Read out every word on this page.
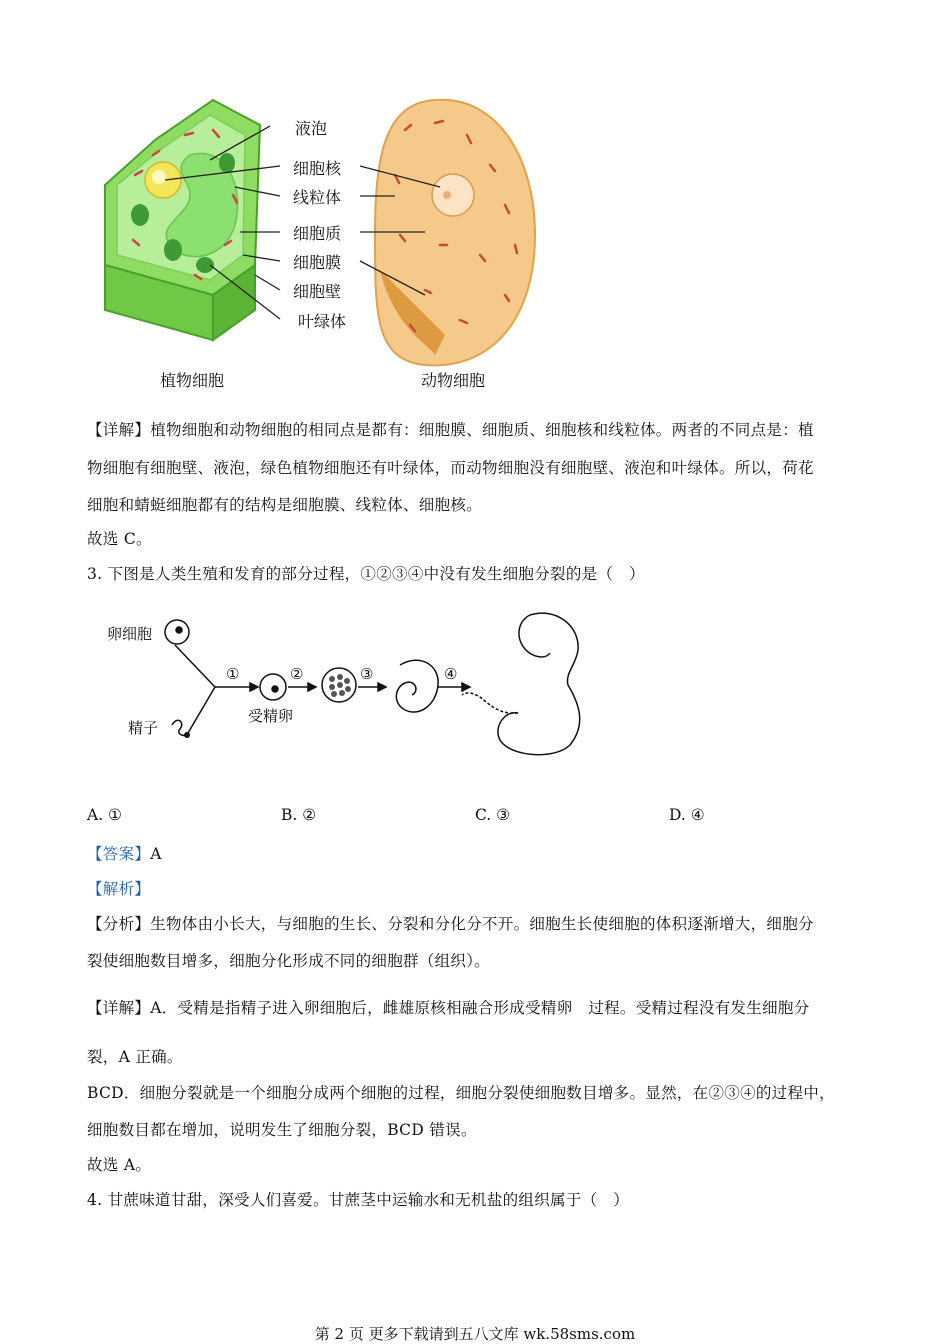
液泡
细胞核
线粒体
细胞质
细胞膜
细胞壁
叶绿体
植物细胞	动物细胞
【详解】植物细胞和动物细胞的相同点是都有：细胞膜、细胞质、细胞核和线粒体。两者的不同点是：植
物细胞有细胞壁、液泡，绿色植物细胞还有叶绿体，而动物细胞没有细胞壁、液泡和叶绿体。所以，荷花
细胞和蜻蜓细胞都有的结构是细胞膜、线粒体、细胞核。
故选 C。
3. 下图是人类生殖和发育的部分过程，①②③④中没有发生细胞分裂的是（　）
卵细胞
精子
受精卵
①	②	③	④
A. ①	B. ②	C. ③	D. ④
【答案】A
【解析】
【分析】生物体由小长大，与细胞的生长、分裂和分化分不开。细胞生长使细胞的体积逐渐增大，细胞分
裂使细胞数目增多，细胞分化形成不同的细胞群（组织）。
【详解】A．受精是指精子进入卵细胞后，雌雄原核相融合形成受精卵　过程。受精过程没有发生细胞分
裂，A 正确。
BCD．细胞分裂就是一个细胞分成两个细胞的过程，细胞分裂使细胞数目增多。显然，在②③④的过程中，
细胞数目都在增加，说明发生了细胞分裂，BCD 错误。
故选 A。
4. 甘蔗味道甘甜，深受人们喜爱。甘蔗茎中运输水和无机盐的组织属于（　）
第 2 页 更多下载请到五八文库 wk.58sms.com
